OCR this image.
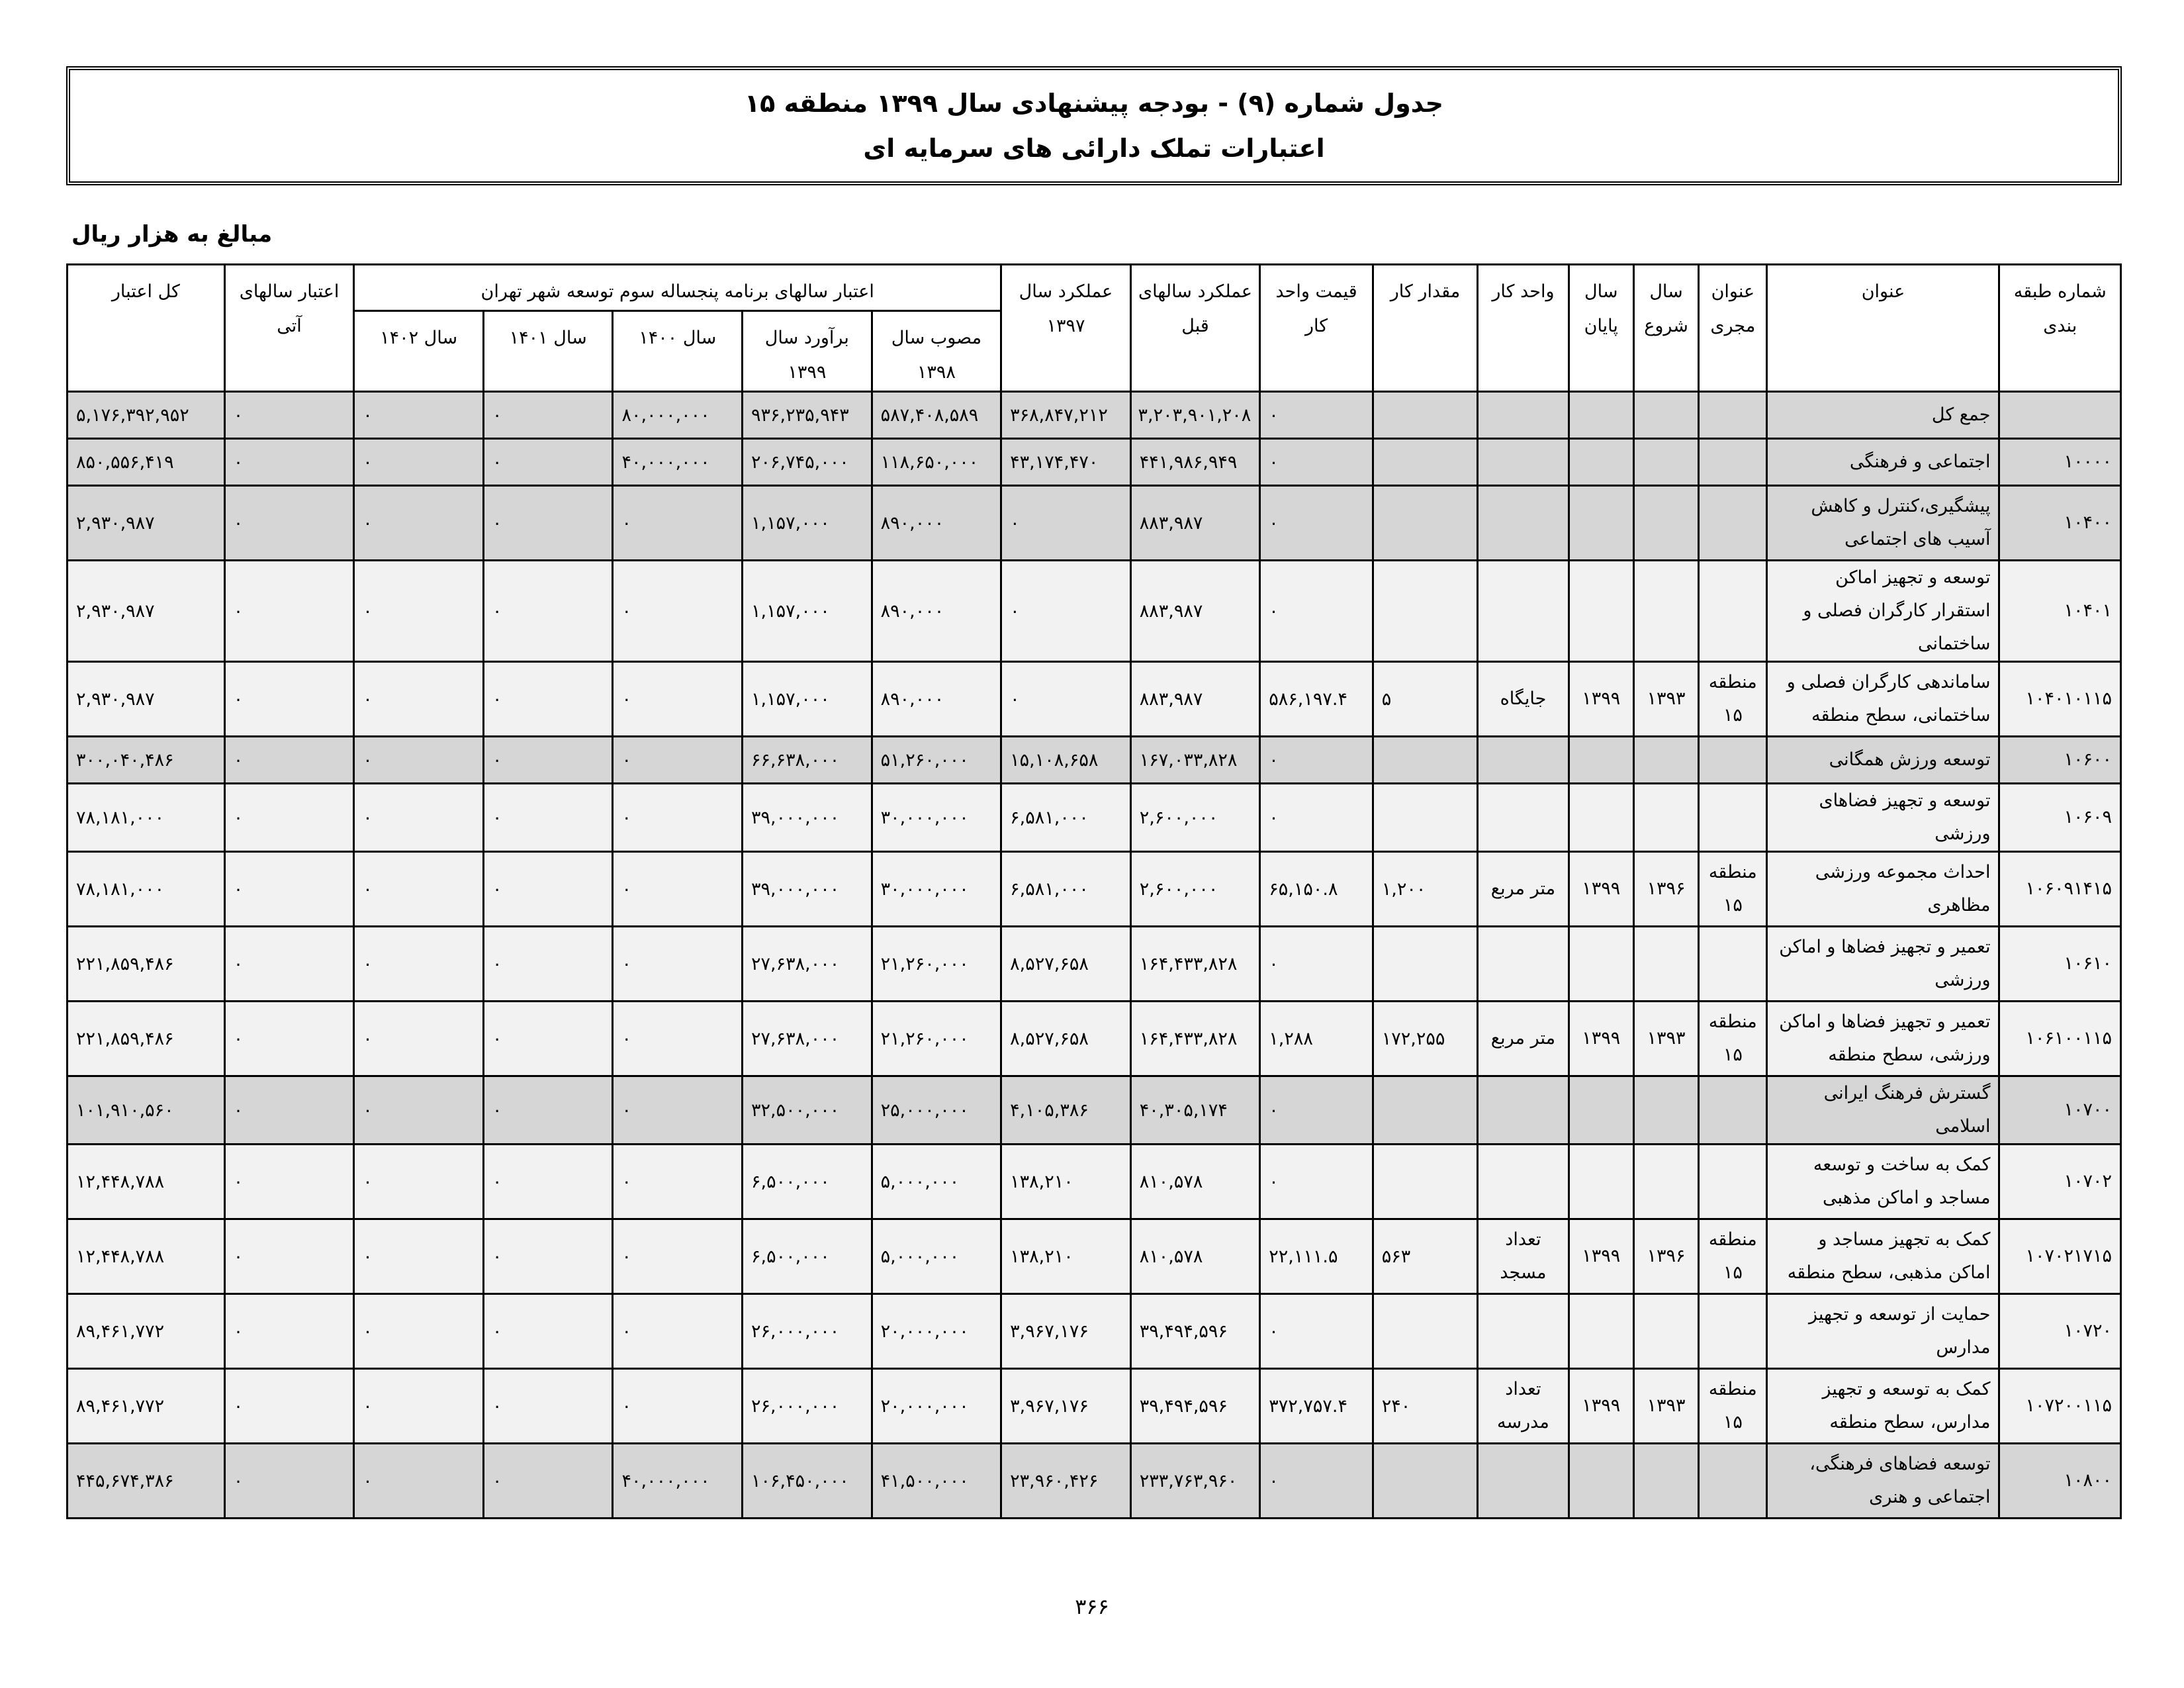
جدول شماره (۹) - بودجه پیشنهادی سال ۱۳۹۹ منطقه ۱۵
اعتبارات تملک دارائی های سرمایه ای
مبالغ به هزار ریال
شماره طبقه بندی	عنوان	عنوان مجری	سال شروع	سال پایان	واحد کار	مقدار کار	قیمت واحد کار	عملکرد سالهای قبل	عملکرد سال ۱۳۹۷	اعتبار سالهای برنامه پنجساله سوم توسعه شهر تهران					اعتبار سالهای آتی	کل اعتبار
										مصوب سال ۱۳۹۸	برآورد سال ۱۳۹۹	سال ۱۴۰۰	سال ۱۴۰۱	سال ۱۴۰۲		
	جمع کل						۰	۳,۲۰۳,۹۰۱,۲۰۸	۳۶۸,۸۴۷,۲۱۲	۵۸۷,۴۰۸,۵۸۹	۹۳۶,۲۳۵,۹۴۳	۸۰,۰۰۰,۰۰۰	۰	۰	۰	۵,۱۷۶,۳۹۲,۹۵۲
۱۰۰۰۰	اجتماعی و فرهنگی						۰	۴۴۱,۹۸۶,۹۴۹	۴۳,۱۷۴,۴۷۰	۱۱۸,۶۵۰,۰۰۰	۲۰۶,۷۴۵,۰۰۰	۴۰,۰۰۰,۰۰۰	۰	۰	۰	۸۵۰,۵۵۶,۴۱۹
۱۰۴۰۰	پیشگیری،کنترل و کاهش آسیب های اجتماعی						۰	۸۸۳,۹۸۷	۰	۸۹۰,۰۰۰	۱,۱۵۷,۰۰۰	۰	۰	۰	۰	۲,۹۳۰,۹۸۷
۱۰۴۰۱	توسعه و تجهیز اماکن استقرار کارگران فصلی و ساختمانی						۰	۸۸۳,۹۸۷	۰	۸۹۰,۰۰۰	۱,۱۵۷,۰۰۰	۰	۰	۰	۰	۲,۹۳۰,۹۸۷
۱۰۴۰۱۰۱۱۵	ساماندهی کارگران فصلی و ساختمانی، سطح منطقه	منطقه ۱۵	۱۳۹۳	۱۳۹۹	جایگاه	۵	۵۸۶,۱۹۷.۴	۸۸۳,۹۸۷	۰	۸۹۰,۰۰۰	۱,۱۵۷,۰۰۰	۰	۰	۰	۰	۲,۹۳۰,۹۸۷
۱۰۶۰۰	توسعه ورزش همگانی						۰	۱۶۷,۰۳۳,۸۲۸	۱۵,۱۰۸,۶۵۸	۵۱,۲۶۰,۰۰۰	۶۶,۶۳۸,۰۰۰	۰	۰	۰	۰	۳۰۰,۰۴۰,۴۸۶
۱۰۶۰۹	توسعه و تجهیز فضاهای ورزشی						۰	۲,۶۰۰,۰۰۰	۶,۵۸۱,۰۰۰	۳۰,۰۰۰,۰۰۰	۳۹,۰۰۰,۰۰۰	۰	۰	۰	۰	۷۸,۱۸۱,۰۰۰
۱۰۶۰۹۱۴۱۵	احداث مجموعه ورزشی مظاهری	منطقه ۱۵	۱۳۹۶	۱۳۹۹	متر مربع	۱,۲۰۰	۶۵,۱۵۰.۸	۲,۶۰۰,۰۰۰	۶,۵۸۱,۰۰۰	۳۰,۰۰۰,۰۰۰	۳۹,۰۰۰,۰۰۰	۰	۰	۰	۰	۷۸,۱۸۱,۰۰۰
۱۰۶۱۰	تعمیر و تجهیز فضاها و اماکن ورزشی						۰	۱۶۴,۴۳۳,۸۲۸	۸,۵۲۷,۶۵۸	۲۱,۲۶۰,۰۰۰	۲۷,۶۳۸,۰۰۰	۰	۰	۰	۰	۲۲۱,۸۵۹,۴۸۶
۱۰۶۱۰۰۱۱۵	تعمیر و تجهیز فضاها و اماکن ورزشی، سطح منطقه	منطقه ۱۵	۱۳۹۳	۱۳۹۹	متر مربع	۱۷۲,۲۵۵	۱,۲۸۸	۱۶۴,۴۳۳,۸۲۸	۸,۵۲۷,۶۵۸	۲۱,۲۶۰,۰۰۰	۲۷,۶۳۸,۰۰۰	۰	۰	۰	۰	۲۲۱,۸۵۹,۴۸۶
۱۰۷۰۰	گسترش فرهنگ ایرانی اسلامی						۰	۴۰,۳۰۵,۱۷۴	۴,۱۰۵,۳۸۶	۲۵,۰۰۰,۰۰۰	۳۲,۵۰۰,۰۰۰	۰	۰	۰	۰	۱۰۱,۹۱۰,۵۶۰
۱۰۷۰۲	کمک به ساخت و توسعه مساجد و اماکن مذهبی						۰	۸۱۰,۵۷۸	۱۳۸,۲۱۰	۵,۰۰۰,۰۰۰	۶,۵۰۰,۰۰۰	۰	۰	۰	۰	۱۲,۴۴۸,۷۸۸
۱۰۷۰۲۱۷۱۵	کمک به تجهیز مساجد و اماکن مذهبی، سطح منطقه	منطقه ۱۵	۱۳۹۶	۱۳۹۹	تعداد مسجد	۵۶۳	۲۲,۱۱۱.۵	۸۱۰,۵۷۸	۱۳۸,۲۱۰	۵,۰۰۰,۰۰۰	۶,۵۰۰,۰۰۰	۰	۰	۰	۰	۱۲,۴۴۸,۷۸۸
۱۰۷۲۰	حمایت از توسعه و تجهیز مدارس						۰	۳۹,۴۹۴,۵۹۶	۳,۹۶۷,۱۷۶	۲۰,۰۰۰,۰۰۰	۲۶,۰۰۰,۰۰۰	۰	۰	۰	۰	۸۹,۴۶۱,۷۷۲
۱۰۷۲۰۰۱۱۵	کمک به توسعه و تجهیز مدارس، سطح منطقه	منطقه ۱۵	۱۳۹۳	۱۳۹۹	تعداد مدرسه	۲۴۰	۳۷۲,۷۵۷.۴	۳۹,۴۹۴,۵۹۶	۳,۹۶۷,۱۷۶	۲۰,۰۰۰,۰۰۰	۲۶,۰۰۰,۰۰۰	۰	۰	۰	۰	۸۹,۴۶۱,۷۷۲
۱۰۸۰۰	توسعه فضاهای فرهنگی، اجتماعی و هنری						۰	۲۳۳,۷۶۳,۹۶۰	۲۳,۹۶۰,۴۲۶	۴۱,۵۰۰,۰۰۰	۱۰۶,۴۵۰,۰۰۰	۴۰,۰۰۰,۰۰۰	۰	۰	۰	۴۴۵,۶۷۴,۳۸۶
۳۶۶
